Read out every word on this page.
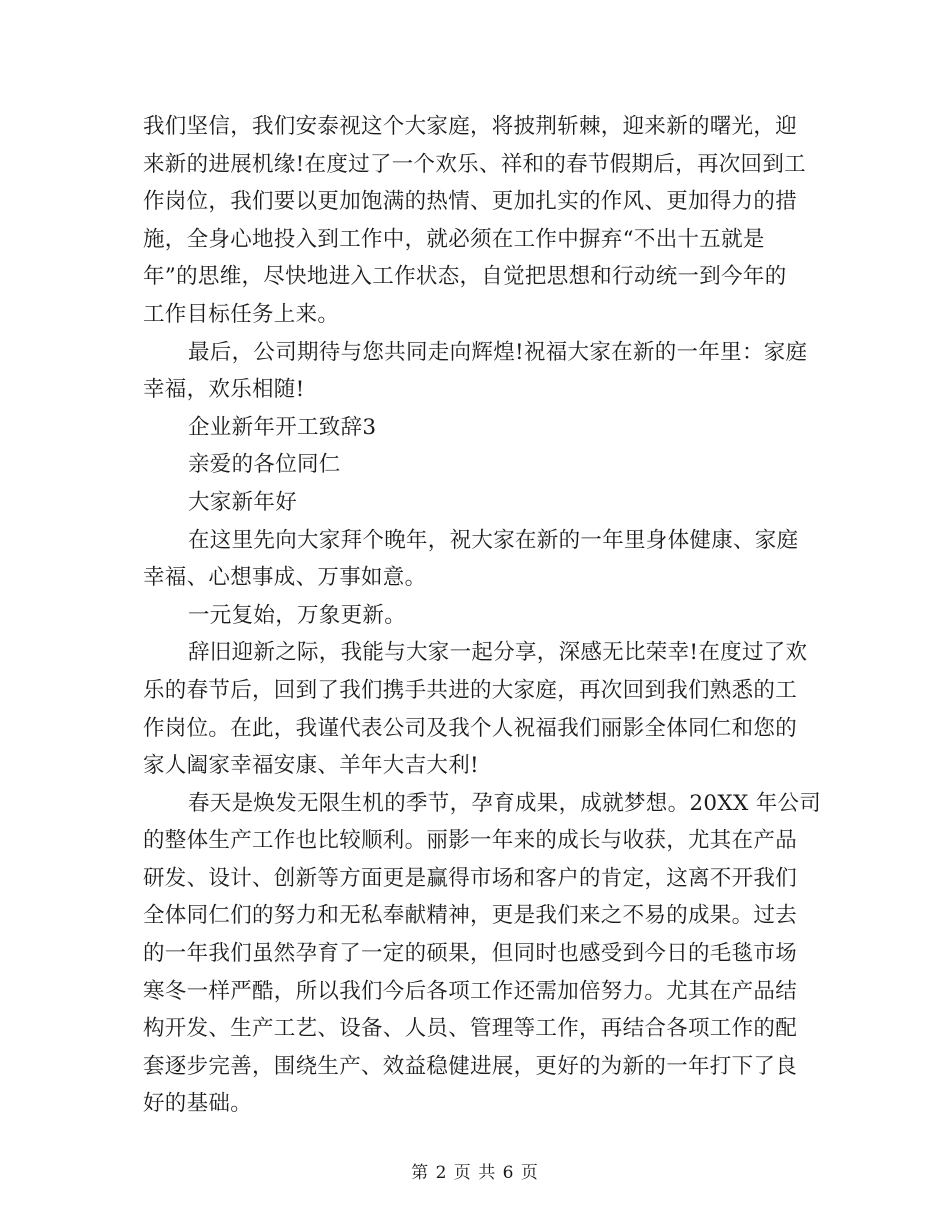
我们坚信，我们安泰视这个大家庭，将披荆斩棘，迎来新的曙光，迎
来新的进展机缘!在度过了一个欢乐、祥和的春节假期后，再次回到工
作岗位，我们要以更加饱满的热情、更加扎实的作风、更加得力的措
施，全身心地投入到工作中，就必须在工作中摒弃“不出十五就是
年”的思维，尽快地进入工作状态，自觉把思想和行动统一到今年的
工作目标任务上来。
最后，公司期待与您共同走向辉煌!祝福大家在新的一年里：家庭
幸福，欢乐相随!
企业新年开工致辞3
亲爱的各位同仁
大家新年好
在这里先向大家拜个晚年，祝大家在新的一年里身体健康、家庭
幸福、心想事成、万事如意。
一元复始，万象更新。
辞旧迎新之际，我能与大家一起分享，深感无比荣幸!在度过了欢
乐的春节后，回到了我们携手共进的大家庭，再次回到我们熟悉的工
作岗位。在此，我谨代表公司及我个人祝福我们丽影全体同仁和您的
家人阖家幸福安康、羊年大吉大利!
春天是焕发无限生机的季节，孕育成果，成就梦想。20XX 年公司
的整体生产工作也比较顺利。丽影一年来的成长与收获，尤其在产品
研发、设计、创新等方面更是赢得市场和客户的肯定，这离不开我们
全体同仁们的努力和无私奉献精神，更是我们来之不易的成果。过去
的一年我们虽然孕育了一定的硕果，但同时也感受到今日的毛毯市场
寒冬一样严酷，所以我们今后各项工作还需加倍努力。尤其在产品结
构开发、生产工艺、设备、人员、管理等工作，再结合各项工作的配
套逐步完善，围绕生产、效益稳健进展，更好的为新的一年打下了良
好的基础。
第 2 页 共 6 页
